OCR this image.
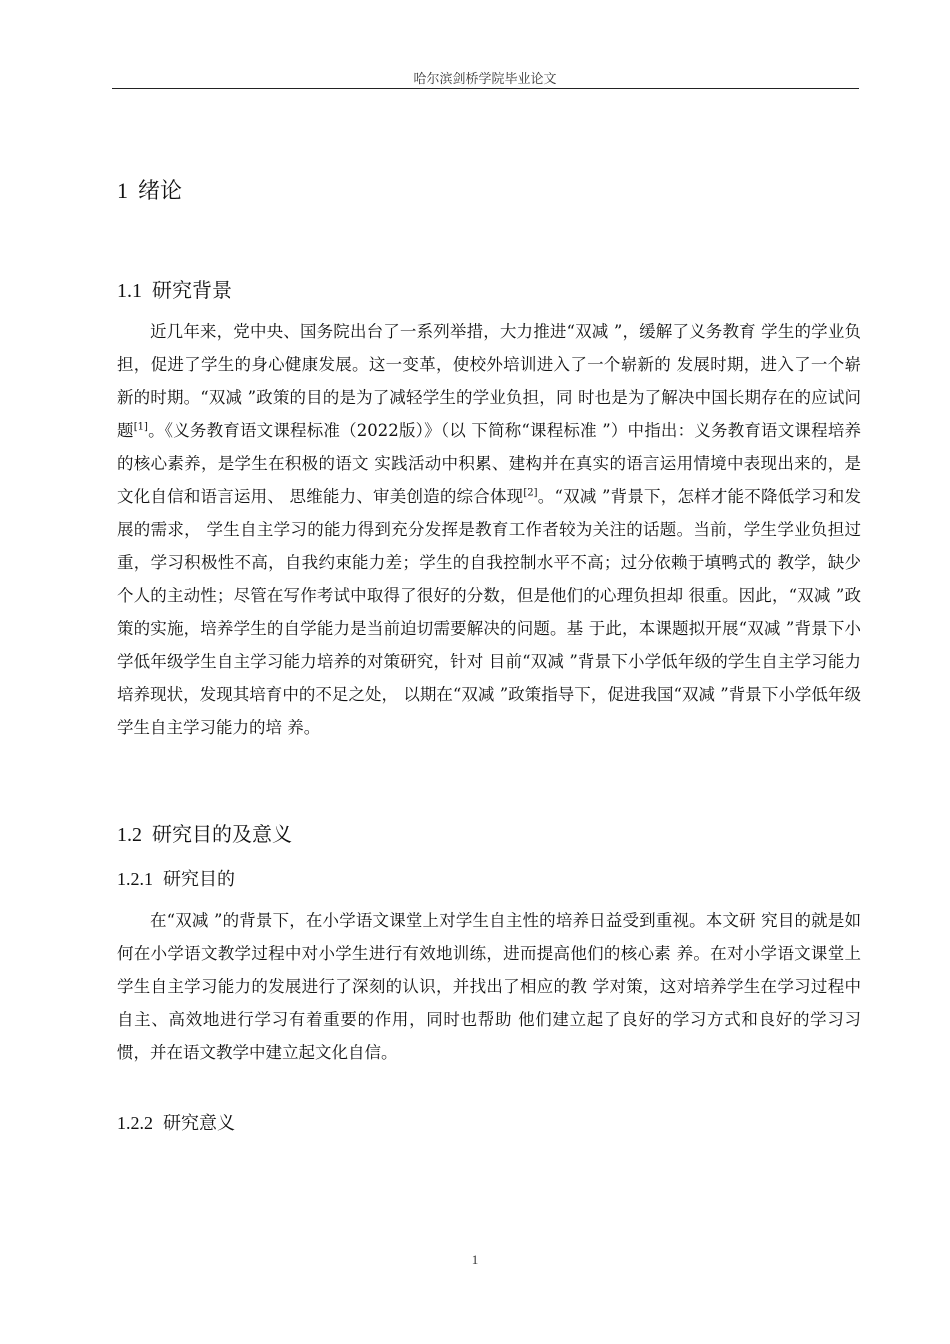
哈尔滨剑桥学院毕业论文
1 绪论
1.1 研究背景

近几年来，党中央、国务院出台了一系列举措，大力推进“双减 ”，缓解了义务教育 学生的学业负担，促进了学生的身心健康发展。这一变革，使校外培训进入了一个崭新的 发展时期，进入了一个崭新的时期。“双减 ”政策的目的是为了减轻学生的学业负担，同 时也是为了解决中国长期存在的应试问题[1]。《义务教育语文课程标准（2022版）》（以 下简称“课程标准 ”）中指出：义务教育语文课程培养的核心素养，是学生在积极的语文 实践活动中积累、建构并在真实的语言运用情境中表现出来的，是文化自信和语言运用、 思维能力、审美创造的综合体现[2]。“双减 ”背景下，怎样才能不降低学习和发展的需求， 学生自主学习的能力得到充分发挥是教育工作者较为关注的话题。当前，学生学业负担过 重，学习积极性不高，自我约束能力差；学生的自我控制水平不高；过分依赖于填鸭式的 教学，缺少个人的主动性；尽管在写作考试中取得了很好的分数，但是他们的心理负担却 很重。因此，“双减 ”政策的实施，培养学生的自学能力是当前迫切需要解决的问题。基 于此，本课题拟开展“双减 ”背景下小学低年级学生自主学习能力培养的对策研究，针对 目前“双减 ”背景下小学低年级的学生自主学习能力培养现状，发现其培育中的不足之处， 以期在“双减 ”政策指导下，促进我国“双减 ”背景下小学低年级学生自主学习能力的培 养。

1.2 研究目的及意义
1.2.1 研究目的

在“双减 ”的背景下，在小学语文课堂上对学生自主性的培养日益受到重视。本文研 究目的就是如何在小学语文教学过程中对小学生进行有效地训练，进而提高他们的核心素 养。在对小学语文课堂上学生自主学习能力的发展进行了深刻的认识，并找出了相应的教 学对策，这对培养学生在学习过程中自主、高效地进行学习有着重要的作用，同时也帮助 他们建立起了良好的学习方式和良好的学习习惯，并在语文教学中建立起文化自信。

1.2.2 研究意义
1
